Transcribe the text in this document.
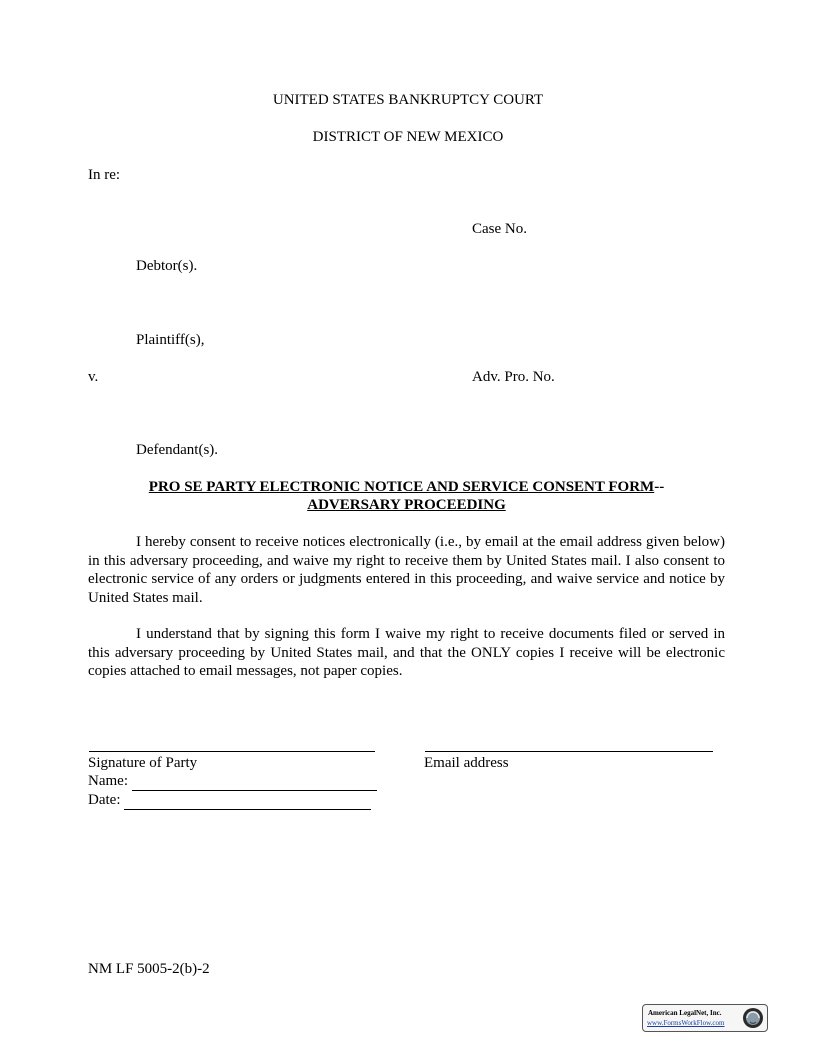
UNITED STATES BANKRUPTCY COURT
DISTRICT OF NEW MEXICO
In re:
Case No.
Debtor(s).
Plaintiff(s),
v.	Adv. Pro. No.
Defendant(s).
PRO SE PARTY ELECTRONIC NOTICE AND SERVICE CONSENT FORM--
ADVERSARY PROCEEDING
I hereby consent to receive notices electronically (i.e., by email at the email address given below) in this adversary proceeding, and waive my right to receive them by United States mail. I also consent to electronic service of any orders or judgments entered in this proceeding, and waive service and notice by United States mail.
I understand that by signing this form I waive my right to receive documents filed or served in this adversary proceeding by United States mail, and that the ONLY copies I receive will be electronic copies attached to email messages, not paper copies.
Signature of Party	Email address
Name:
Date:
NM LF 5005-2(b)-2
American LegalNet, Inc.
www.FormsWorkFlow.com
